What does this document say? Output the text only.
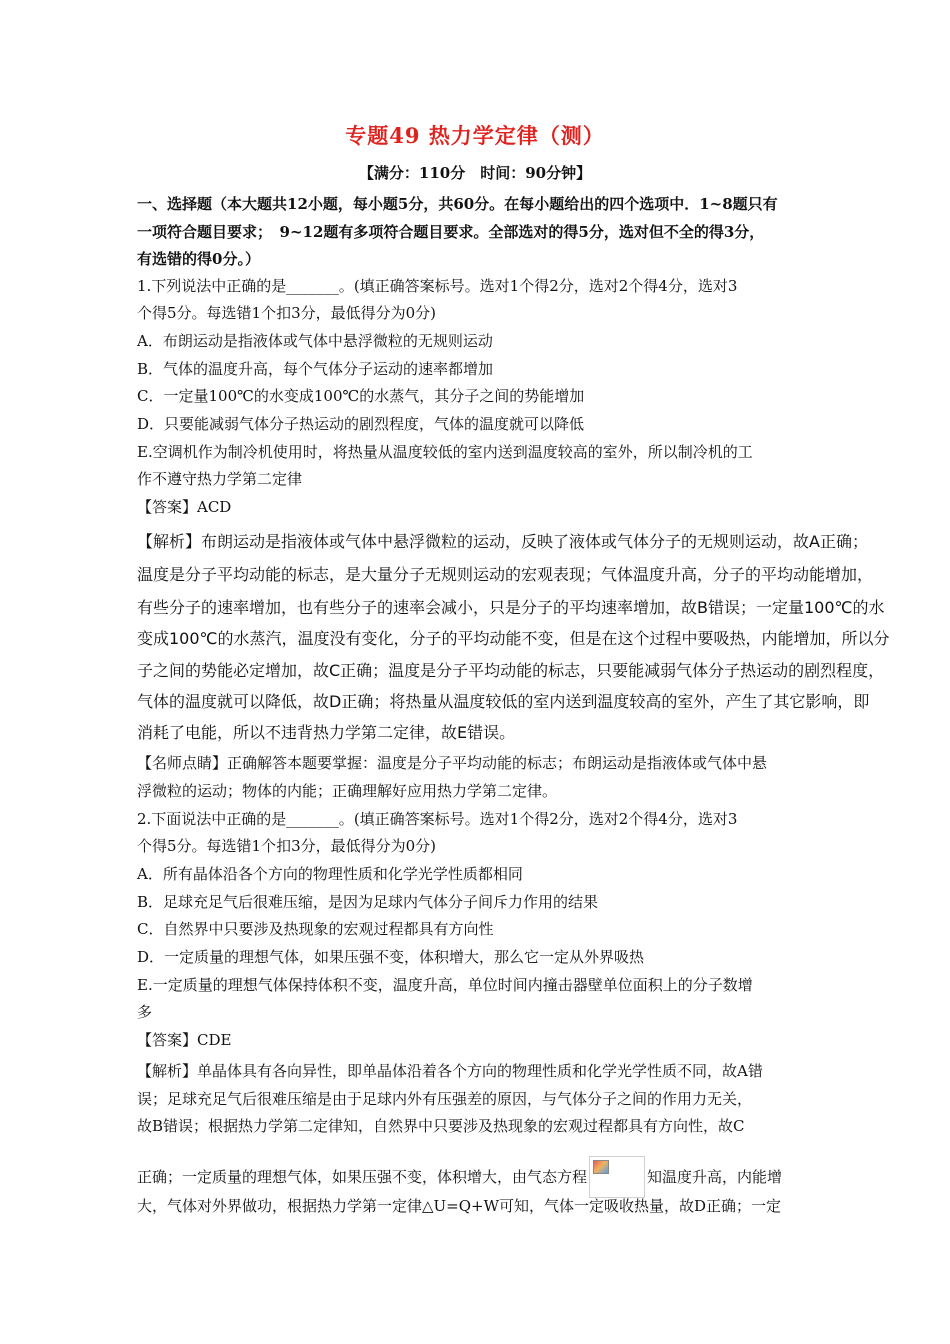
专题49 热力学定律（测）
【满分：110分　时间：90分钟】
一、选择题（本大题共12小题，每小题5分，共60分。在每小题给出的四个选项中．1~8题只有
一项符合题目要求；　9~12题有多项符合题目要求。全部选对的得5分，选对但不全的得3分，
有选错的得0分。）
1.下列说法中正确的是_______。(填正确答案标号。选对1个得2分，选对2个得4分，选对3
个得5分。每选错1个扣3分，最低得分为0分)
A．布朗运动是指液体或气体中悬浮微粒的无规则运动
B．气体的温度升高，每个气体分子运动的速率都增加
C．一定量100℃的水变成100℃的水蒸气，其分子之间的势能增加
D．只要能减弱气体分子热运动的剧烈程度，气体的温度就可以降低
E.空调机作为制冷机使用时，将热量从温度较低的室内送到温度较高的室外，所以制冷机的工
作不遵守热力学第二定律
【答案】ACD
【解析】布朗运动是指液体或气体中悬浮微粒的运动，反映了液体或气体分子的无规则运动，故A正确；
温度是分子平均动能的标志，是大量分子无规则运动的宏观表现；气体温度升高，分子的平均动能增加，
有些分子的速率增加，也有些分子的速率会减小，只是分子的平均速率增加，故B错误；一定量100℃的水
变成100℃的水蒸汽，温度没有变化，分子的平均动能不变，但是在这个过程中要吸热，内能增加，所以分
子之间的势能必定增加，故C正确；温度是分子平均动能的标志，只要能减弱气体分子热运动的剧烈程度，
气体的温度就可以降低，故D正确；将热量从温度较低的室内送到温度较高的室外，产生了其它影响，即
消耗了电能，所以不违背热力学第二定律，故E错误。
【名师点睛】正确解答本题要掌握：温度是分子平均动能的标志；布朗运动是指液体或气体中悬
浮微粒的运动；物体的内能；正确理解好应用热力学第二定律。
2.下面说法中正确的是_______。(填正确答案标号。选对1个得2分，选对2个得4分，选对3
个得5分。每选错1个扣3分，最低得分为0分)
A．所有晶体沿各个方向的物理性质和化学光学性质都相同
B．足球充足气后很难压缩，是因为足球内气体分子间斥力作用的结果
C．自然界中只要涉及热现象的宏观过程都具有方向性
D．一定质量的理想气体，如果压强不变，体积增大，那么它一定从外界吸热
E.一定质量的理想气体保持体积不变，温度升高，单位时间内撞击器壁单位面积上的分子数增
多
【答案】CDE
【解析】单晶体具有各向异性，即单晶体沿着各个方向的物理性质和化学光学性质不同，故A错
误；足球充足气后很难压缩是由于足球内外有压强差的原因，与气体分子之间的作用力无关，
故B错误；根据热力学第二定律知，自然界中只要涉及热现象的宏观过程都具有方向性，故C
正确；一定质量的理想气体，如果压强不变，体积增大，由气态方程	知温度升高，内能增
大，气体对外界做功，根据热力学第一定律△U=Q+W可知，气体一定吸收热量，故D正确；一定
